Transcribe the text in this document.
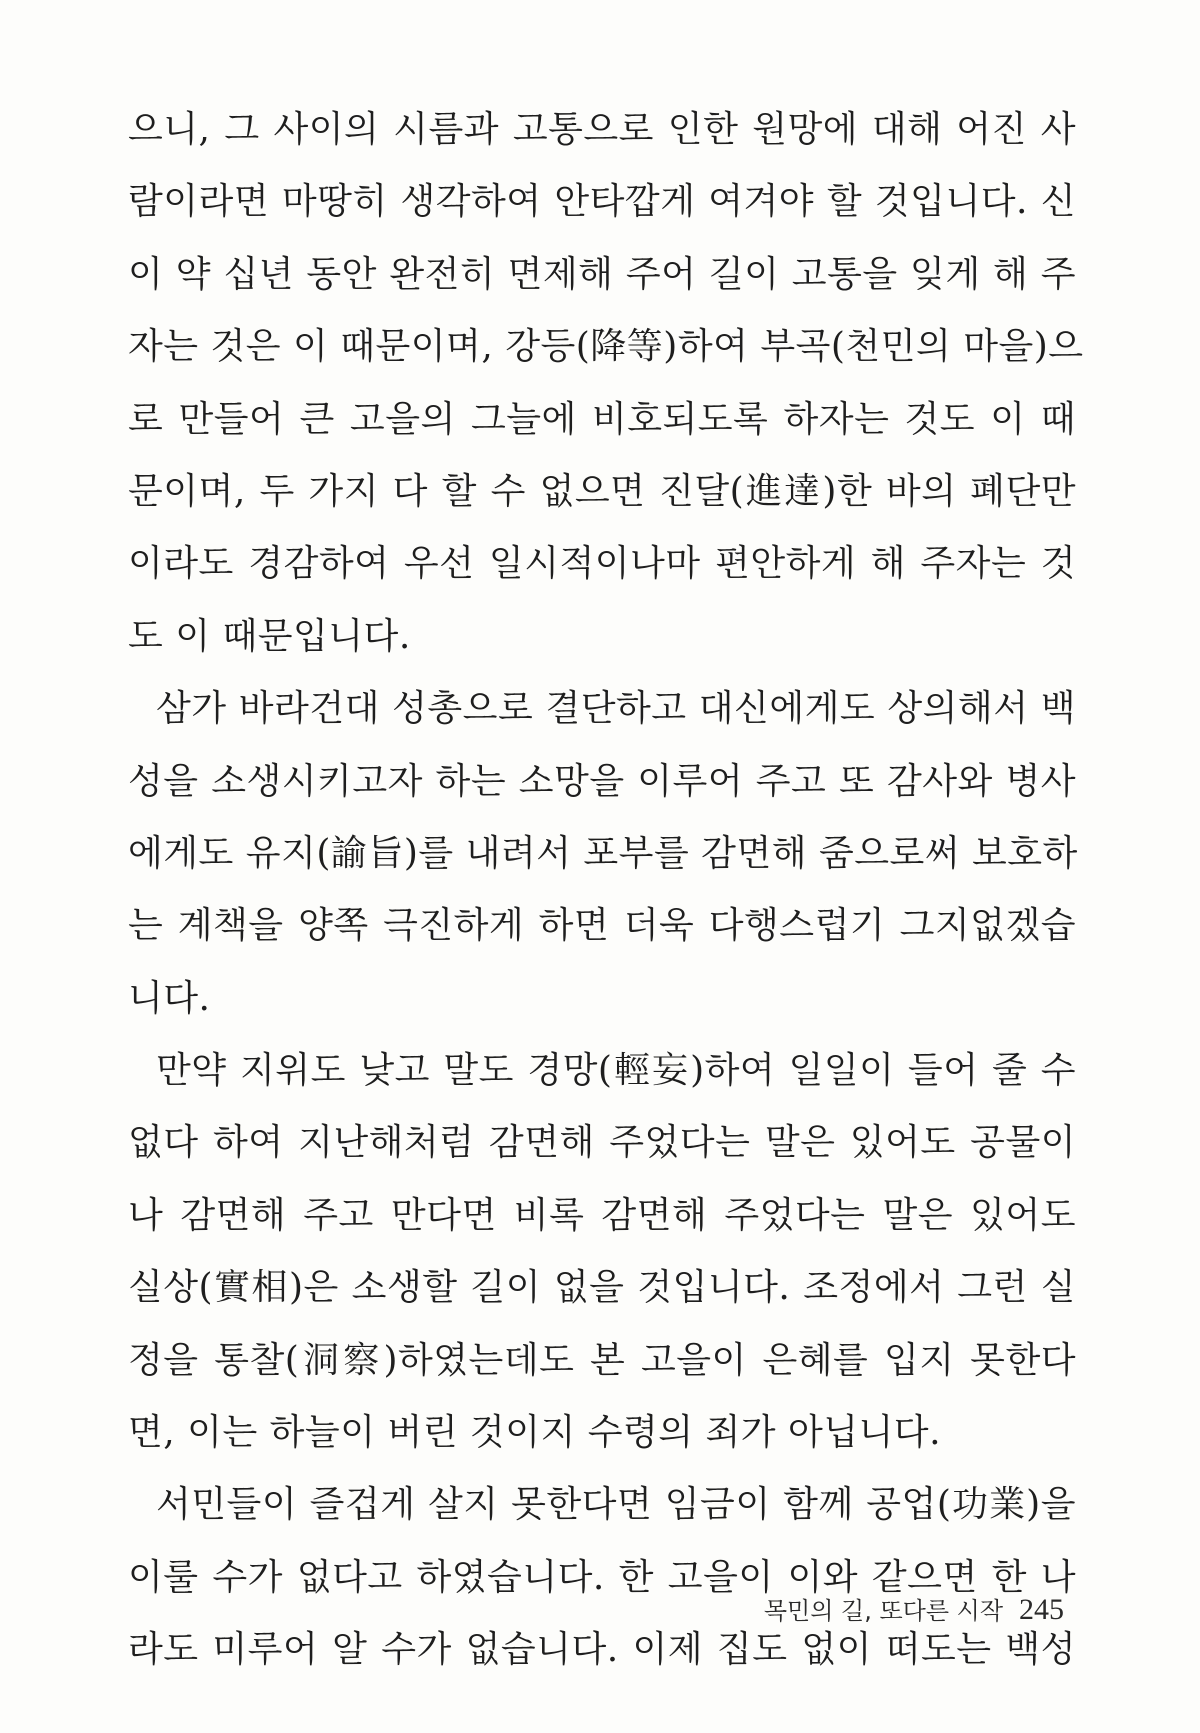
으니, 그 사이의 시름과 고통으로 인한 원망에 대해 어진 사
람이라면 마땅히 생각하여 안타깝게 여겨야 할 것입니다. 신
이 약 십년 동안 완전히 면제해 주어 길이 고통을 잊게 해 주
자는 것은 이 때문이며, 강등(降等)하여 부곡(천민의 마을)으
로 만들어 큰 고을의 그늘에 비호되도록 하자는 것도 이 때
문이며, 두 가지 다 할 수 없으면 진달(進達)한 바의 폐단만
이라도 경감하여 우선 일시적이나마 편안하게 해 주자는 것
도 이 때문입니다.
삼가 바라건대 성총으로 결단하고 대신에게도 상의해서 백
성을 소생시키고자 하는 소망을 이루어 주고 또 감사와 병사
에게도 유지(諭旨)를 내려서 포부를 감면해 줌으로써 보호하
는 계책을 양쪽 극진하게 하면 더욱 다행스럽기 그지없겠습
니다.
만약 지위도 낮고 말도 경망(輕妄)하여 일일이 들어 줄 수
없다 하여 지난해처럼 감면해 주었다는 말은 있어도 공물이
나 감면해 주고 만다면 비록 감면해 주었다는 말은 있어도
실상(實相)은 소생할 길이 없을 것입니다. 조정에서 그런 실
정을 통찰(洞察)하였는데도 본 고을이 은혜를 입지 못한다
면, 이는 하늘이 버린 것이지 수령의 죄가 아닙니다.
서민들이 즐겁게 살지 못한다면 임금이 함께 공업(功業)을
이룰 수가 없다고 하였습니다. 한 고을이 이와 같으면 한 나
라도 미루어 알 수가 없습니다. 이제 집도 없이 떠도는 백성
목민의 길, 또다른 시작 245
